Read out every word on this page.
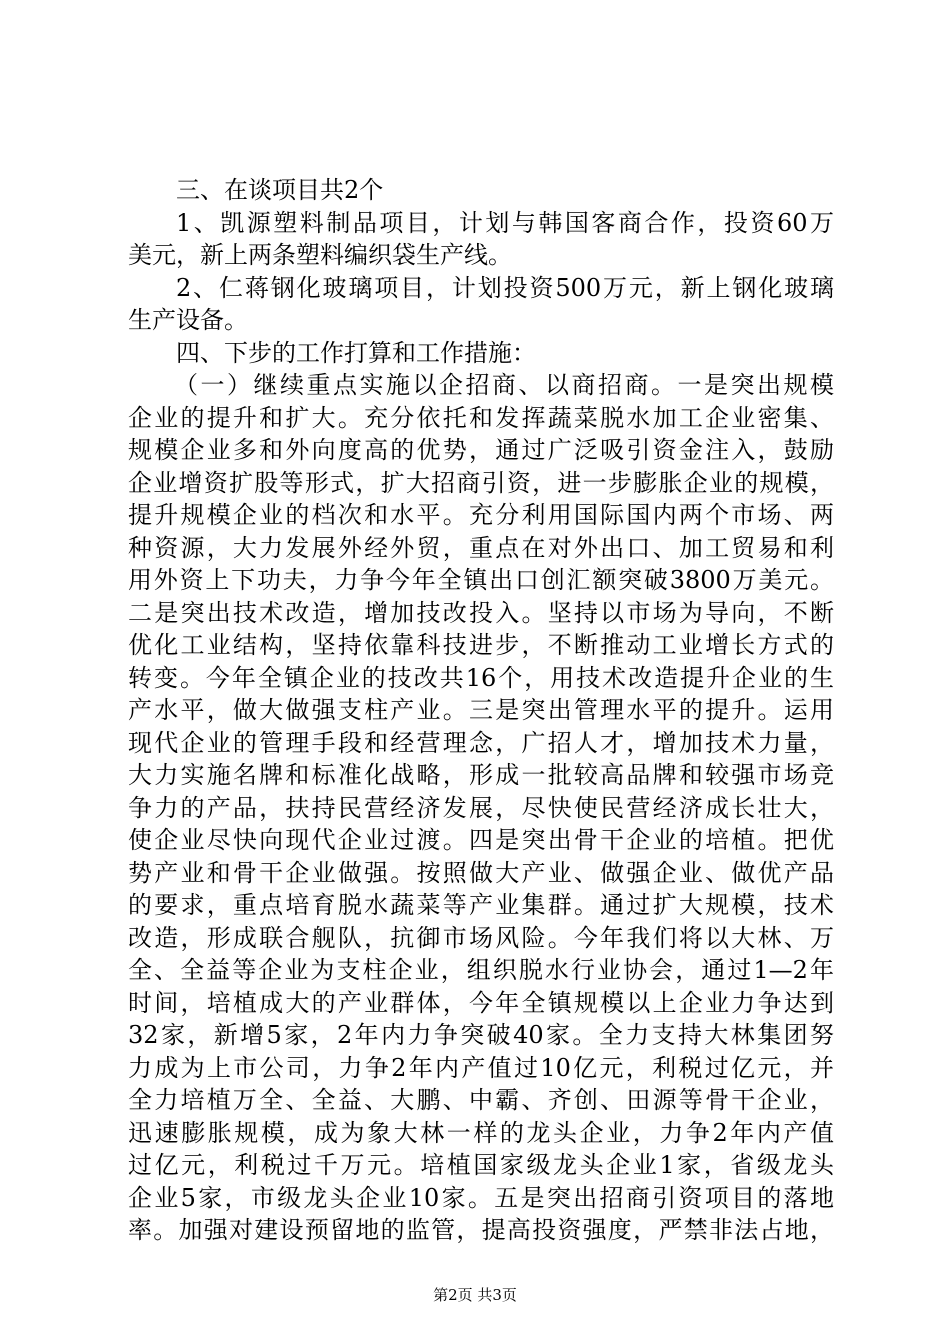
三、在谈项目共2个
1、凯源塑料制品项目，计划与韩国客商合作，投资60万
美元，新上两条塑料编织袋生产线。
2、仁蒋钢化玻璃项目，计划投资500万元，新上钢化玻璃
生产设备。
四、下步的工作打算和工作措施：
（一）继续重点实施以企招商、以商招商。一是突出规模
企业的提升和扩大。充分依托和发挥蔬菜脱水加工企业密集、
规模企业多和外向度高的优势，通过广泛吸引资金注入，鼓励
企业增资扩股等形式，扩大招商引资，进一步膨胀企业的规模，
提升规模企业的档次和水平。充分利用国际国内两个市场、两
种资源，大力发展外经外贸，重点在对外出口、加工贸易和利
用外资上下功夫，力争今年全镇出口创汇额突破3800万美元。
二是突出技术改造，增加技改投入。坚持以市场为导向，不断
优化工业结构，坚持依靠科技进步，不断推动工业增长方式的
转变。今年全镇企业的技改共16个，用技术改造提升企业的生
产水平，做大做强支柱产业。三是突出管理水平的提升。运用
现代企业的管理手段和经营理念，广招人才，增加技术力量，
大力实施名牌和标准化战略，形成一批较高品牌和较强市场竞
争力的产品，扶持民营经济发展，尽快使民营经济成长壮大，
使企业尽快向现代企业过渡。四是突出骨干企业的培植。把优
势产业和骨干企业做强。按照做大产业、做强企业、做优产品
的要求，重点培育脱水蔬菜等产业集群。通过扩大规模，技术
改造，形成联合舰队，抗御市场风险。今年我们将以大林、万
全、全益等企业为支柱企业，组织脱水行业协会，通过1—2年
时间，培植成大的产业群体，今年全镇规模以上企业力争达到
32家，新增5家，2年内力争突破40家。全力支持大林集团努
力成为上市公司，力争2年内产值过10亿元，利税过亿元，并
全力培植万全、全益、大鹏、中霸、齐创、田源等骨干企业，
迅速膨胀规模，成为象大林一样的龙头企业，力争2年内产值
过亿元，利税过千万元。培植国家级龙头企业1家，省级龙头
企业5家，市级龙头企业10家。五是突出招商引资项目的落地
率。加强对建设预留地的监管，提高投资强度，严禁非法占地，
第2页 共3页
